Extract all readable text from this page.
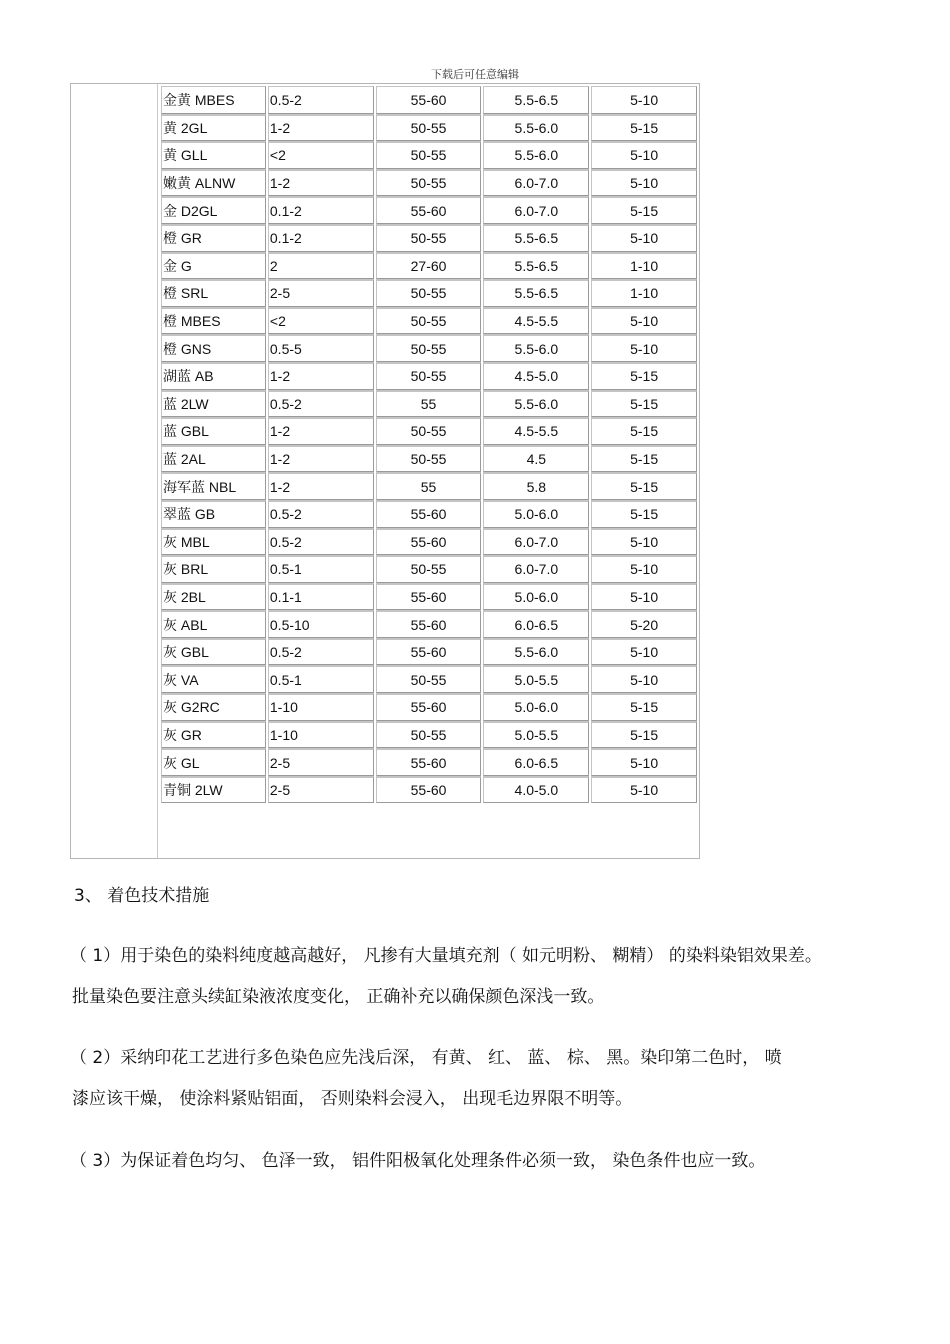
下载后可任意编辑
金黄 MBES	0.5-2	55-60	5.5-6.5	5-10
黄 2GL	1-2	50-55	5.5-6.0	5-15
黄 GLL	<2	50-55	5.5-6.0	5-10
嫩黄 ALNW	1-2	50-55	6.0-7.0	5-10
金 D2GL	0.1-2	55-60	6.0-7.0	5-15
橙 GR	0.1-2	50-55	5.5-6.5	5-10
金 G	2	27-60	5.5-6.5	1-10
橙 SRL	2-5	50-55	5.5-6.5	1-10
橙 MBES	<2	50-55	4.5-5.5	5-10
橙 GNS	0.5-5	50-55	5.5-6.0	5-10
湖蓝 AB	1-2	50-55	4.5-5.0	5-15
蓝 2LW	0.5-2	55	5.5-6.0	5-15
蓝 GBL	1-2	50-55	4.5-5.5	5-15
蓝 2AL	1-2	50-55	4.5	5-15
海军蓝 NBL	1-2	55	5.8	5-15
翠蓝 GB	0.5-2	55-60	5.0-6.0	5-15
灰 MBL	0.5-2	55-60	6.0-7.0	5-10
灰 BRL	0.5-1	50-55	6.0-7.0	5-10
灰 2BL	0.1-1	55-60	5.0-6.0	5-10
灰 ABL	0.5-10	55-60	6.0-6.5	5-20
灰 GBL	0.5-2	55-60	5.5-6.0	5-10
灰 VA	0.5-1	50-55	5.0-5.5	5-10
灰 G2RC	1-10	55-60	5.0-6.0	5-15
灰 GR	1-10	50-55	5.0-5.5	5-15
灰 GL	2-5	55-60	6.0-6.5	5-10
青铜 2LW	2-5	55-60	4.0-5.0	5-10
3、 着色技术措施
（ 1）用于染色的染料纯度越高越好， 凡掺有大量填充剂（ 如元明粉、 糊精） 的染料染铝效果差。
批量染色要注意头续缸染液浓度变化， 正确补充以确保颜色深浅一致。
（ 2）采纳印花工艺进行多色染色应先浅后深， 有黄、 红、 蓝、 棕、 黑。染印第二色时， 喷
漆应该干燥， 使涂料紧贴铝面， 否则染料会浸入， 出现毛边界限不明等。
（ 3）为保证着色均匀、 色泽一致， 铝件阳极氧化处理条件必须一致， 染色条件也应一致。
